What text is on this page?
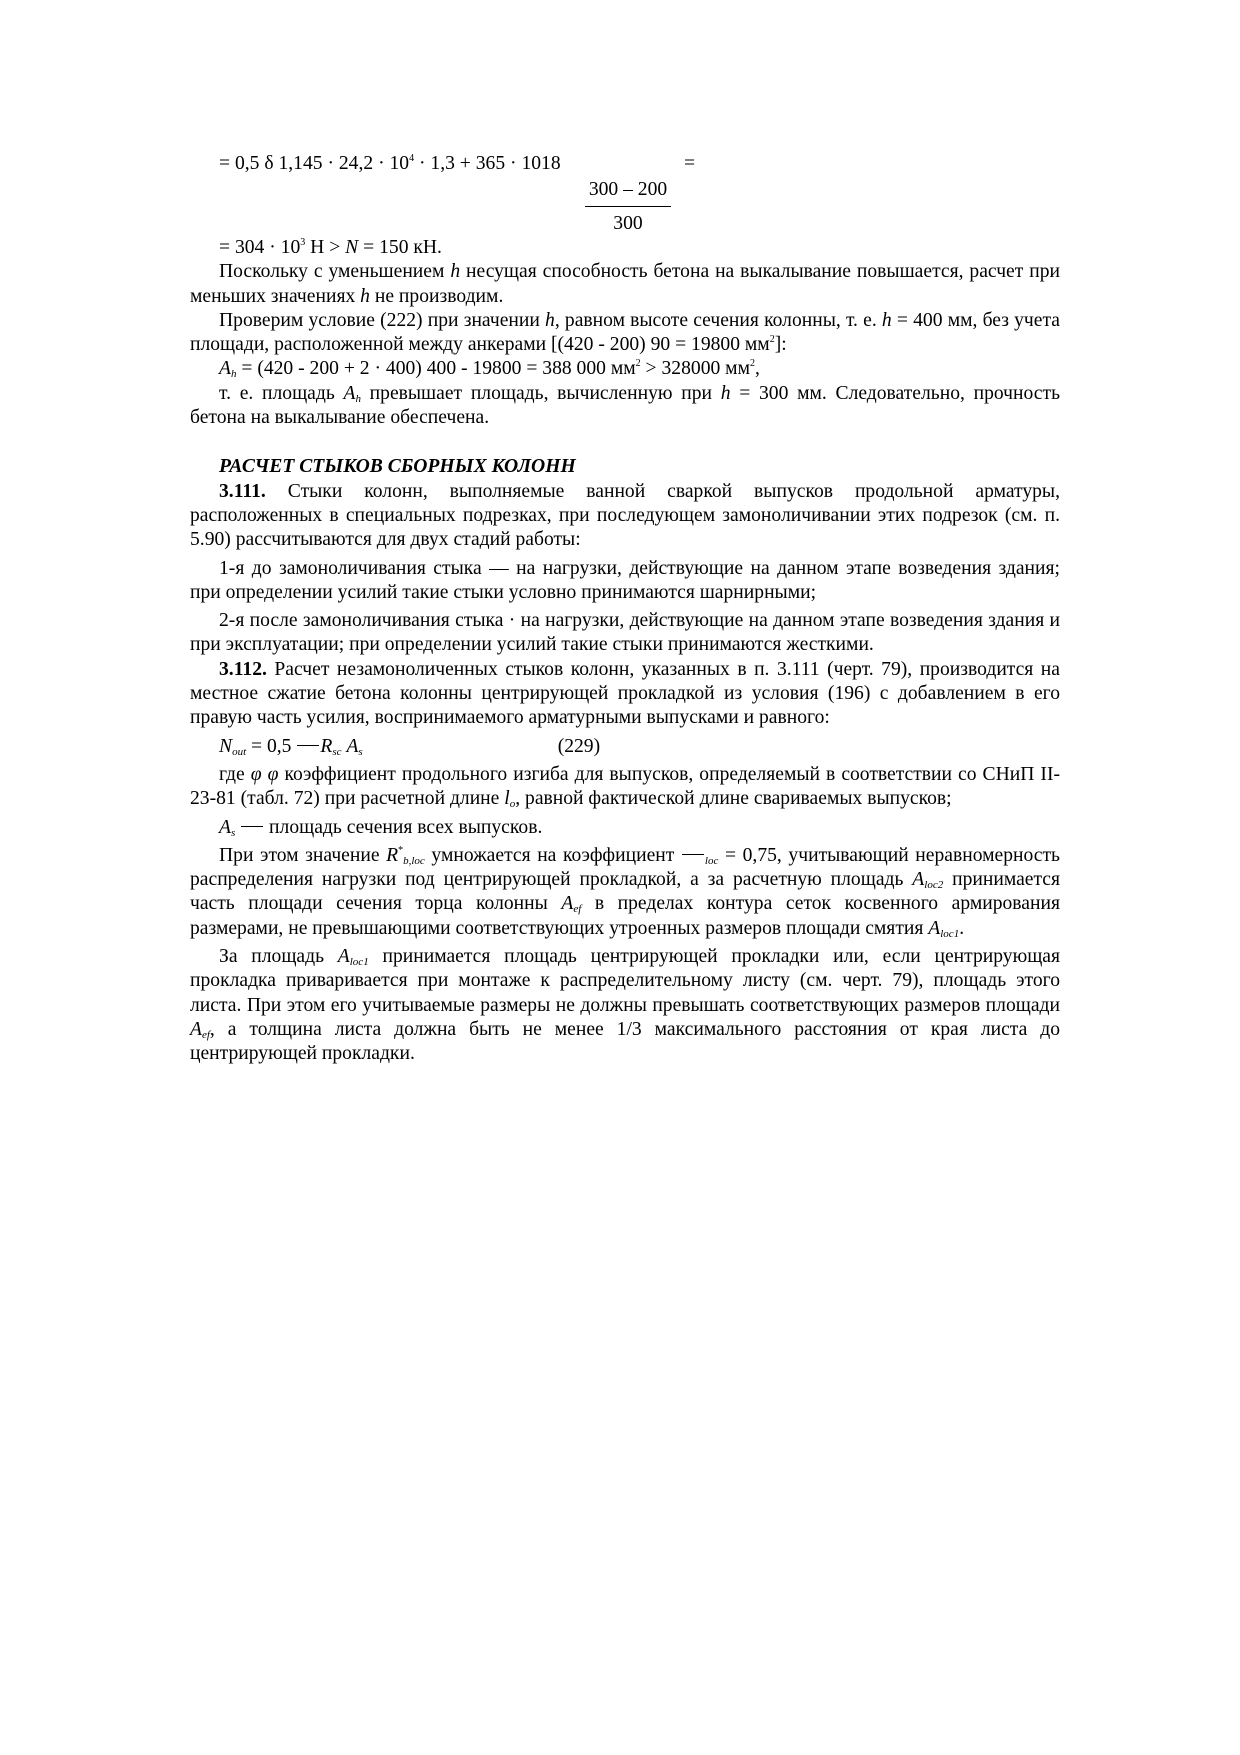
= 0,5 δ $1,145 \cdot 24,2 \cdot 10^4 \cdot 1,3 + 365 \cdot 1018$	=
300 – 200
300

= $304 \cdot 10^3$ Н > N = 150 кН.

Поскольку с уменьшением h несущая способность бетона на выкалывание повышается, расчет при меньших значениях h не производим.

Проверим условие (222) при значении h, равном высоте сечения колонны, т. е. h = 400 мм, без учета площади, расположенной между анкерами [(420 - 200) 90 = 19800 $мм^2$]:

$A_h = (420 - 200 + 2 \cdot 400)$ 400 - 19800 = 388 000 $мм^2 > 328000$ $мм^2$,

т. е. площадь $A_h$ превышает площадь, вычисленную при h = 300 мм. Следовательно, прочность бетона на выкалывание обеспечена.

РАСЧЕТ СТЫКОВ СБОРНЫХ КОЛОНН

3.111. Стыки колонн, выполняемые ванной сваркой выпусков продольной арматуры, расположенных в специальных подрезках, при последующем замоноличивании этих подрезок (см. п. 5.90) рассчитываются для двух стадий работы:

1-я до замоноличивания стыка — на нагрузки, действующие на данном этапе возведения здания; при определении усилий такие стыки условно принимаются шарнирными;

2-я после замоноличивания стыка · на нагрузки, действующие на данном этапе возведения здания и при эксплуатации; при определении усилий такие стыки принимаются жесткими.

3.112. Расчет незамоноличенных стыков колонн, указанных в п. 3.111 (черт. 79), производится на местное сжатие бетона колонны центрирующей прокладкой из условия (196) с добавлением в его правую часть усилия, воспринимаемого арматурными выпусками и равного:

$N_{out} = 0,5$ $R_{sc}$ $A_s$	(229)

где φ φ коэффициент продольного изгиба для выпусков, определяемый в соответствии со СНиП II-23-81 (табл. 72) при расчетной длине $l_o$, равной фактической длине свариваемых выпусков;

$A_s$  площадь сечения всех выпусков.

При этом значение $R^*_{b,loc}$ умножается на коэффициент $_{loc}$ = 0,75, учитывающий неравномерность распределения нагрузки под центрирующей прокладкой, а за расчетную площадь $A_{loc2}$ принимается часть площади сечения торца колонны $A_{ef}$ в пределах контура сеток косвенного армирования размерами, не превышающими соответствующих утроенных размеров площади смятия $A_{loc1}$.

За площадь $A_{loc1}$ принимается площадь центрирующей прокладки или, если центрирующая прокладка приваривается при монтаже к распределительному листу (см. черт. 79), площадь этого листа. При этом его учитываемые размеры не должны превышать соответствующих размеров площади $A_{ef}$, а толщина листа должна быть не менее 1/3 максимального расстояния от края листа до центрирующей прокладки.
